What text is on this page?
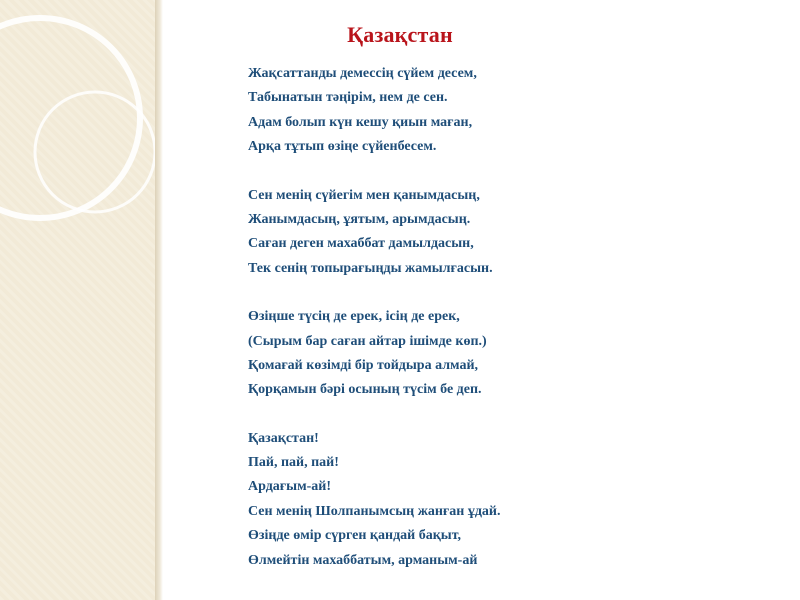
Қазақстан
Жақсаттанды демессің сүйем десем,
Табынатын тәңірім, нем де сен.
Адам болып күн кешу қиын маған,
Арқа тұтып өзіңе сүйенбесем.
Сен менің сүйегім мен қанымдасың,
Жанымдасың, ұятым, арымдасың.
Саған деген махаббат дамылдасын,
Тек сенің топырағыңды жамылғасын.
Өзіңше түсің де ерек, ісің де ерек,
(Сырым бар саған айтар ішімде көп.)
Қомағай көзімді бір тойдыра алмай,
Қорқамын бәрі осының түсім бе деп.
Қазақстан!
Пай, пай, пай!
Ардағым-ай!
Сен менің Шолпанымсың жанған ұдай.
Өзіңде өмір сүрген қандай бақыт,
Өлмейтін махаббатым, арманым-ай
